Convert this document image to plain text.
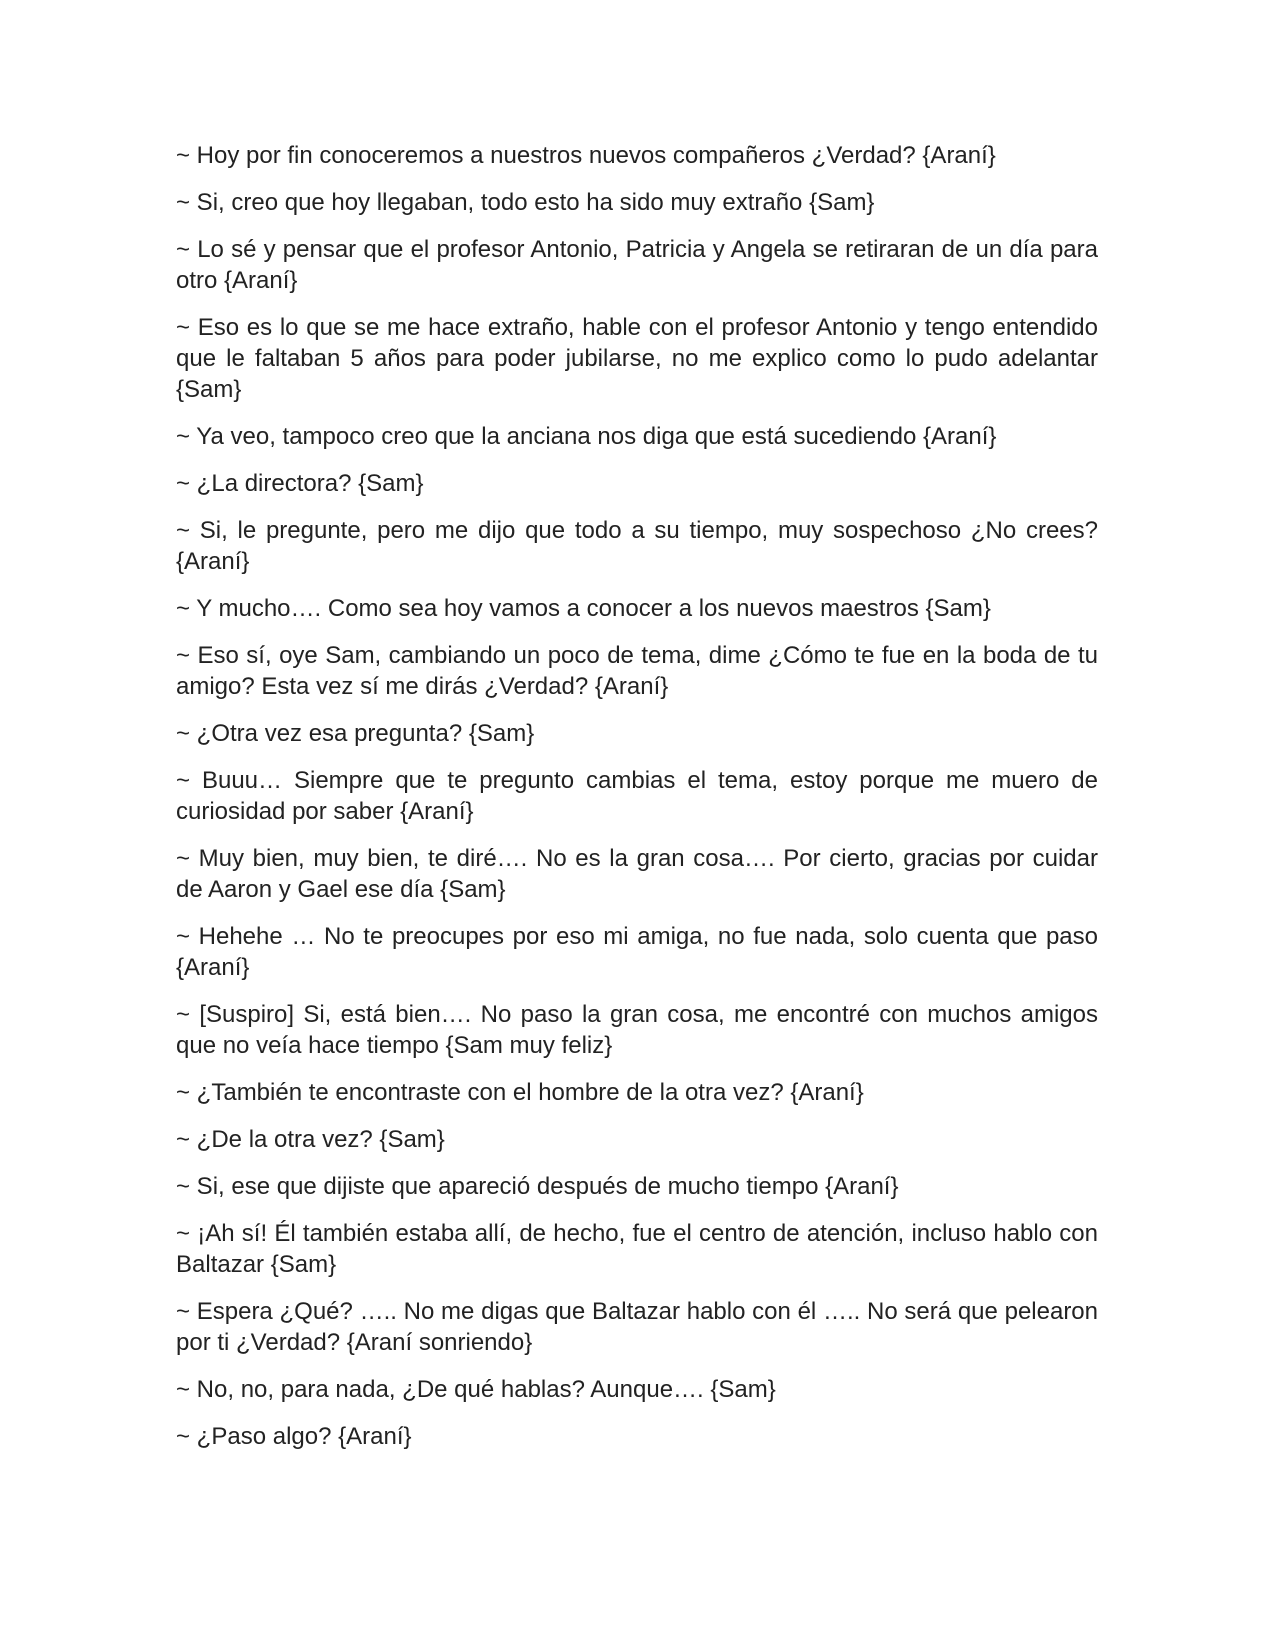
~ Hoy por fin conoceremos a nuestros nuevos compañeros ¿Verdad? {Araní}

~ Si, creo que hoy llegaban, todo esto ha sido muy extraño {Sam}

~ Lo sé y pensar que el profesor Antonio, Patricia y Angela se retiraran de un día para otro {Araní}

~ Eso es lo que se me hace extraño, hable con el profesor Antonio y tengo entendido que le faltaban 5 años para poder jubilarse, no me explico como lo pudo adelantar {Sam}

~ Ya veo, tampoco creo que la anciana nos diga que está sucediendo {Araní}

~ ¿La directora? {Sam}

~ Si, le pregunte, pero me dijo que todo a su tiempo, muy sospechoso ¿No crees? {Araní}

~ Y mucho…. Como sea hoy vamos a conocer a los nuevos maestros {Sam}

~ Eso sí, oye Sam, cambiando un poco de tema, dime ¿Cómo te fue en la boda de tu amigo? Esta vez sí me dirás ¿Verdad? {Araní}

~ ¿Otra vez esa pregunta? {Sam}

~ Buuu… Siempre que te pregunto cambias el tema, estoy porque me muero de curiosidad por saber {Araní}

~ Muy bien, muy bien, te diré…. No es la gran cosa…. Por cierto, gracias por cuidar de Aaron y Gael ese día {Sam}

~ Hehehe … No te preocupes por eso mi amiga, no fue nada, solo cuenta que paso {Araní}

~ [Suspiro] Si, está bien…. No paso la gran cosa, me encontré con muchos amigos que no veía hace tiempo {Sam muy feliz}

~ ¿También te encontraste con el hombre de la otra vez? {Araní}

~ ¿De la otra vez? {Sam}

~ Si, ese que dijiste que apareció después de mucho tiempo {Araní}

~ ¡Ah sí! Él también estaba allí, de hecho, fue el centro de atención, incluso hablo con Baltazar {Sam}

~ Espera ¿Qué? ….. No me digas que Baltazar hablo con él ….. No será que pelearon por ti ¿Verdad? {Araní sonriendo}

~ No, no, para nada, ¿De qué hablas? Aunque…. {Sam}

~ ¿Paso algo? {Araní}
